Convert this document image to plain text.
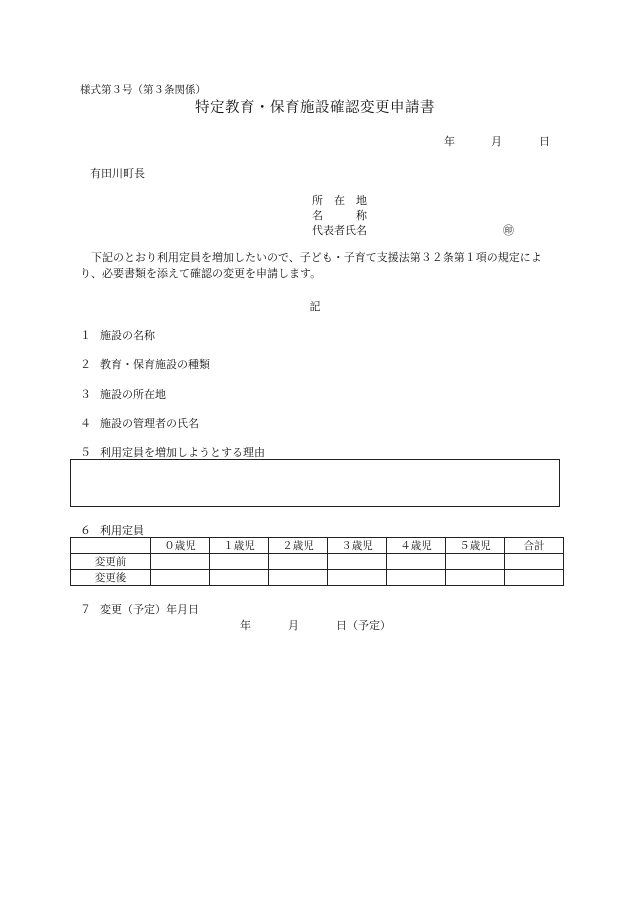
様式第３号（第３条関係）
特定教育・保育施設確認変更申請書
年	月	日
有田川町長
所　在　地
名　　　称
代表者氏名	㊞
下記のとおり利用定員を増加したいので、子ども・子育て支援法第３２条第１項の規定により、必要書類を添えて確認の変更を申請します。
記
１ 施設の名称
２ 教育・保育施設の種類
３ 施設の所在地
４ 施設の管理者の氏名
５ 利用定員を増加しようとする理由
６ 利用定員
	０歳児	１歳児	２歳児	３歳児	４歳児	５歳児	合計
変更前							
変更後							
７ 変更（予定）年月日
年	月	日（予定）
